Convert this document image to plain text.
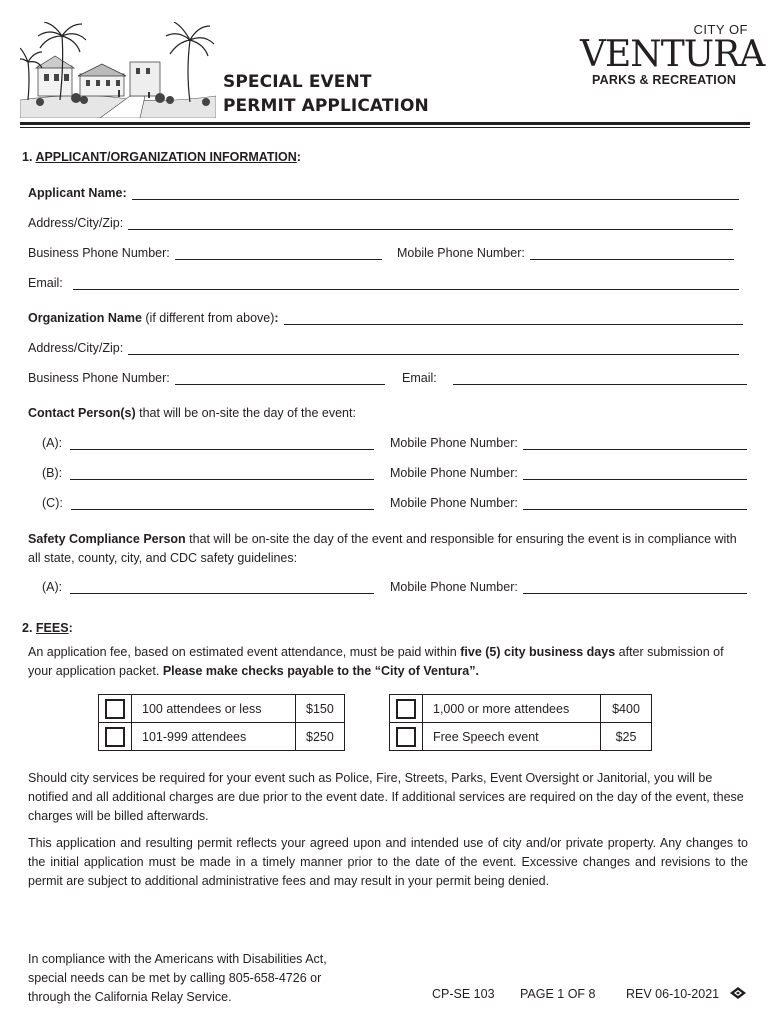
SPECIAL EVENT
PERMIT APPLICATION
CITY OF
VENTURA
PARKS & RECREATION
1. APPLICANT/ORGANIZATION INFORMATION:
Applicant Name:
Address/City/Zip:
Business Phone Number:	Mobile Phone Number:
Email:
Organization Name (if different from above):
Address/City/Zip:
Business Phone Number:	Email:
Contact Person(s) that will be on-site the day of the event:
(A):	Mobile Phone Number:
(B):	Mobile Phone Number:
(C):	Mobile Phone Number:
Safety Compliance Person that will be on-site the day of the event and responsible for ensuring the event is in compliance with all state, county, city, and CDC safety guidelines:
(A):	Mobile Phone Number:
2. FEES:
An application fee, based on estimated event attendance, must be paid within five (5) city business days after submission of your application packet. Please make checks payable to the “City of Ventura”.
	100 attendees or less	$150
	101-999 attendees	$250
	1,000 or more attendees	$400
	Free Speech event	$25
Should city services be required for your event such as Police, Fire, Streets, Parks, Event Oversight or Janitorial, you will be notified and all additional charges are due prior to the event date. If additional services are required on the day of the event, these charges will be billed afterwards.
This application and resulting permit reflects your agreed upon and intended use of city and/or private property. Any changes to the initial application must be made in a timely manner prior to the date of the event. Excessive changes and revisions to the permit are subject to additional administrative fees and may result in your permit being denied.
In compliance with the Americans with Disabilities Act,
special needs can be met by calling 805-658-4726 or
through the California Relay Service.	CP-SE 103 PAGE 1 OF 8 REV 06-10-2021
